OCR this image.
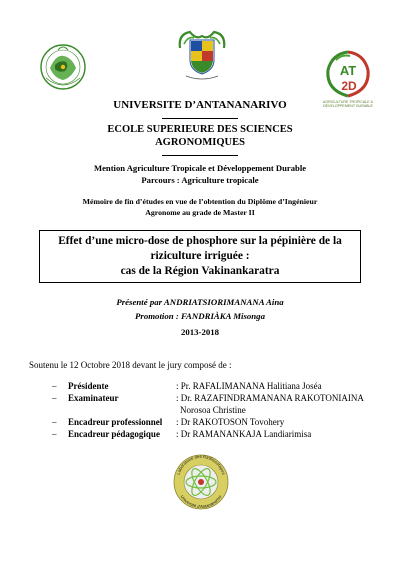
AT
2D
AGRICULTURE TROPICALE &
DÉVELOPPEMENT DURABLE
UNIVERSITE D’ANTANANARIVO
ECOLE SUPERIEURE DES SCIENCES
AGRONOMIQUES
Mention Agriculture Tropicale et Développement Durable
Parcours : Agriculture tropicale
Mémoire de fin d’études en vue de l’obtention du Diplôme d’Ingénieur
Agronome au grade de Master II
Effet d’une micro-dose de phosphore sur la pépinière de la
riziculture irriguée :
cas de la Région Vakinankaratra
Présenté par ANDRIATSIORIMANANA Aina
Promotion : FANDRIÀKA Misonga
2013-2018
Soutenu le 12 Octobre 2018 devant le jury composé de :
– Présidente	: Pr. RAFALIMANANA Halitiana Joséa
– Examinateur	: Dr. RAZAFINDRAMANANA RAKOTONIAINA
Norosoa Christine
– Encadreur professionnel : Dr RAKOTOSON Tovohery
– Encadreur pédagogique : Dr RAMANANKAJA Landiarimisa
Laboratoire des Radioisotopes
Université d'Antananarivo
